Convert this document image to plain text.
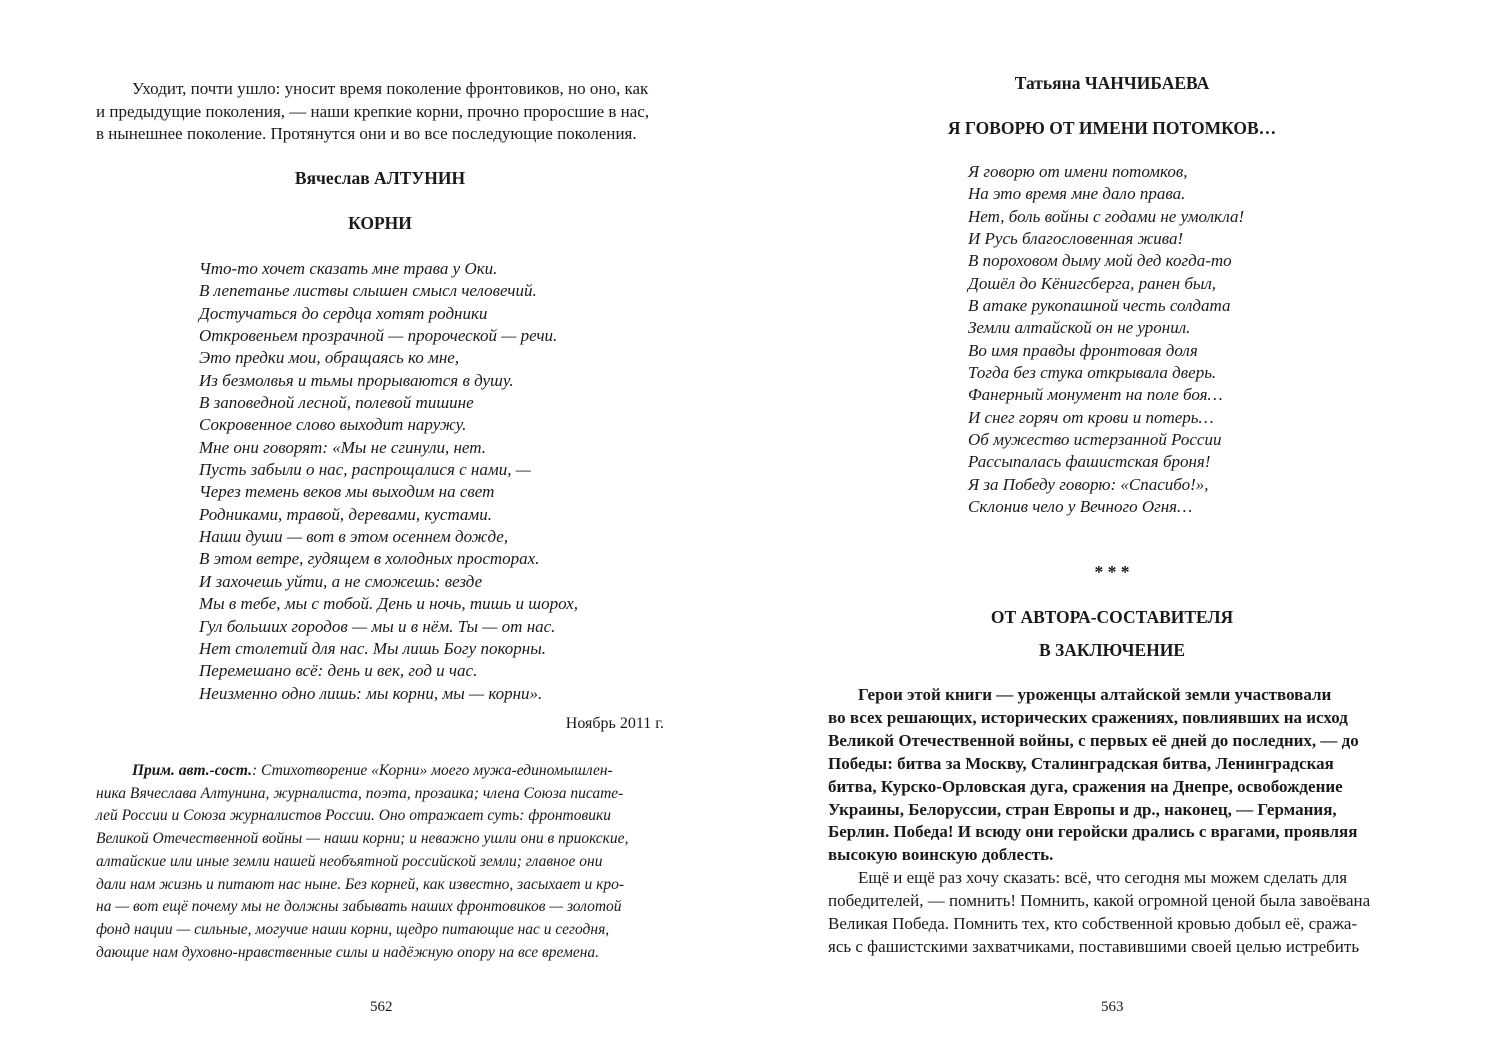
Уходит, почти ушло: уносит время поколение фронтовиков, но оно, как
и предыдущие поколения, — наши крепкие корни, прочно проросшие в нас,
в нынешнее поколение. Протянутся они и во все последующие поколения.

Вячеслав АЛТУНИН

КОРНИ

Что-то хочет сказать мне трава у Оки.
В лепетанье листвы слышен смысл человечий.
Достучаться до сердца хотят родники
Откровеньем прозрачной — пророческой — речи.
Это предки мои, обращаясь ко мне,
Из безмолвья и тьмы прорываются в душу.
В заповедной лесной, полевой тишине
Сокровенное слово выходит наружу.
Мне они говорят: «Мы не сгинули, нет.
Пусть забыли о нас, распрощалися с нами, —
Через темень веков мы выходим на свет
Родниками, травой, деревами, кустами.
Наши души — вот в этом осеннем дожде,
В этом ветре, гудящем в холодных просторах.
И захочешь уйти, а не сможешь: везде
Мы в тебе, мы с тобой. День и ночь, тишь и шорох,
Гул больших городов — мы и в нём. Ты — от нас.
Нет столетий для нас. Мы лишь Богу покорны.
Перемешано всё: день и век, год и час.
Неизменно одно лишь: мы корни, мы — корни».

Ноябрь 2011 г.

Прим. авт.-сост.: Стихотворение «Корни» моего мужа-единомышлен-
ника Вячеслава Алтунина, журналиста, поэта, прозаика; члена Союза писате-
лей России и Союза журналистов России. Оно отражает суть: фронтовики
Великой Отечественной войны — наши корни; и неважно ушли они в приокские,
алтайские или иные земли нашей необъятной российской земли; главное они
дали нам жизнь и питают нас ныне. Без корней, как известно, засыхает и кро-
на — вот ещё почему мы не должны забывать наших фронтовиков — золотой
фонд нации — сильные, могучие наши корни, щедро питающие нас и сегодня,
дающие нам духовно-нравственные силы и надёжную опору на все времена.

562

Татьяна ЧАНЧИБАЕВА

Я ГОВОРЮ ОТ ИМЕНИ ПОТОМКОВ…

Я говорю от имени потомков,
На это время мне дало права.
Нет, боль войны с годами не умолкла!
И Русь благословенная жива!
В пороховом дыму мой дед когда-то
Дошёл до Кёнигсберга, ранен был,
В атаке рукопашной честь солдата
Земли алтайской он не уронил.
Во имя правды фронтовая доля
Тогда без стука открывала дверь.
Фанерный монумент на поле боя…
И снег горяч от крови и потерь…
Об мужество истерзанной России
Рассыпалась фашистская броня!
Я за Победу говорю: «Спасибо!»,
Склонив чело у Вечного Огня…

* * *

ОТ АВТОРА-СОСТАВИТЕЛЯ

В ЗАКЛЮЧЕНИЕ

Герои этой книги — уроженцы алтайской земли участвовали
во всех решающих, исторических сражениях, повлиявших на исход
Великой Отечественной войны, с первых её дней до последних, — до
Победы: битва за Москву, Сталинградская битва, Ленинградская
битва, Курско-Орловская дуга, сражения на Днепре, освобождение
Украины, Белоруссии, стран Европы и др., наконец, — Германия,
Берлин. Победа! И всюду они геройски дрались с врагами, проявляя
высокую воинскую доблесть.
Ещё и ещё раз хочу сказать: всё, что сегодня мы можем сделать для
победителей, — помнить! Помнить, какой огромной ценой была завоёвана
Великая Победа. Помнить тех, кто собственной кровью добыл её, сража-
ясь с фашистскими захватчиками, поставившими своей целью истребить

563
